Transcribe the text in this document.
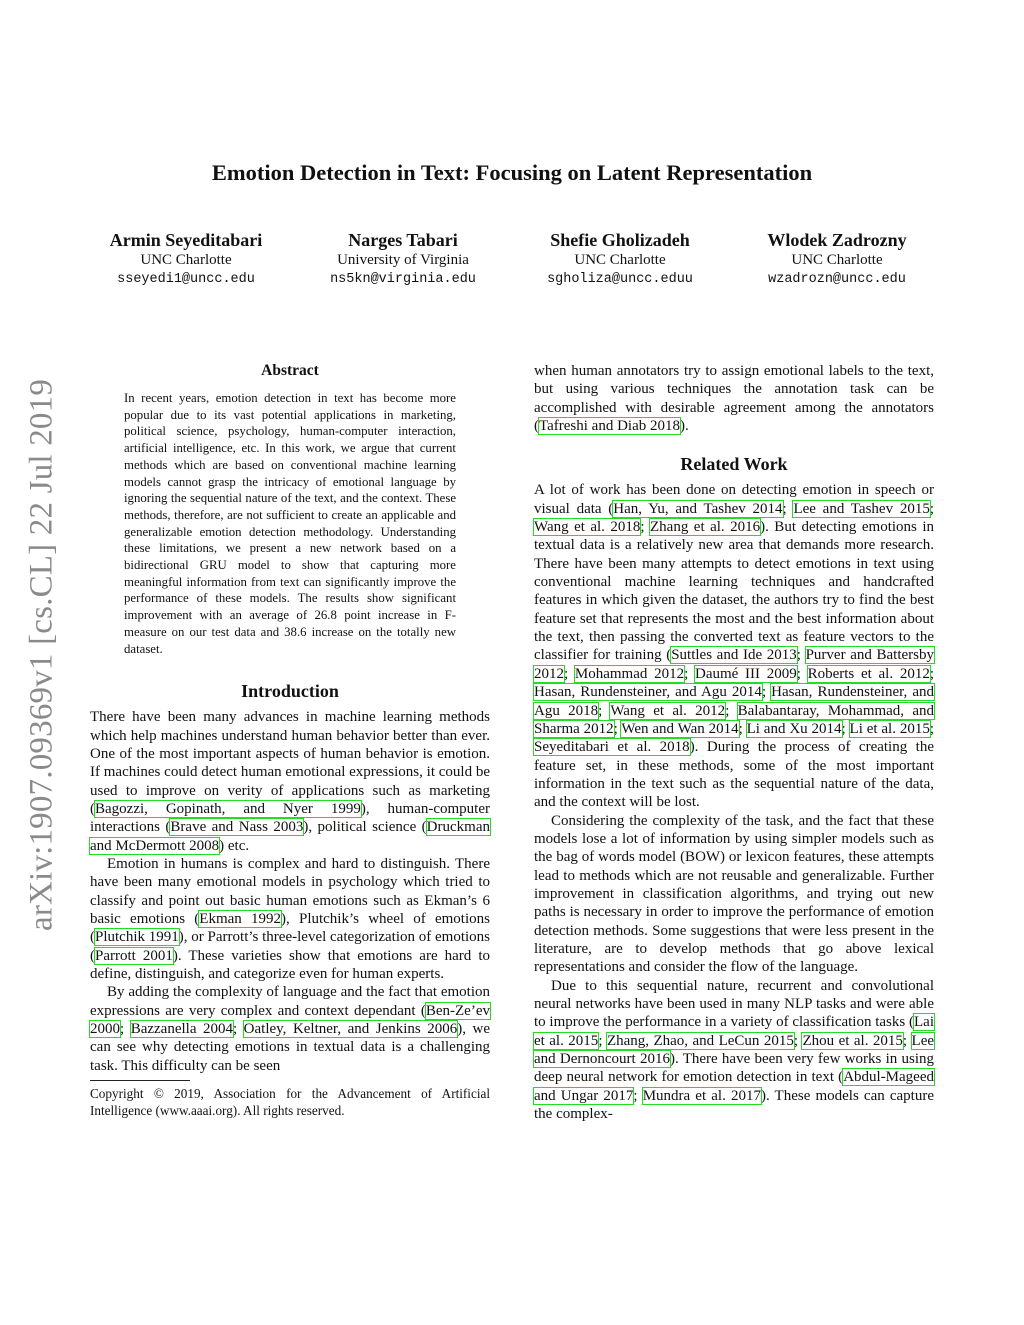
arXiv:1907.09369v1 [cs.CL] 22 Jul 2019
Emotion Detection in Text: Focusing on Latent Representation
Armin Seyeditabari
UNC Charlotte
sseyedi1@uncc.edu
Narges Tabari
University of Virginia
ns5kn@virginia.edu
Shefie Gholizadeh
UNC Charlotte
sgholiza@uncc.eduu
Wlodek Zadrozny
UNC Charlotte
wzadrozn@uncc.edu
Abstract

In recent years, emotion detection in text has become more popular due to its vast potential applications in marketing, political science, psychology, human-computer interaction, artificial intelligence, etc. In this work, we argue that current methods which are based on conventional machine learning models cannot grasp the intricacy of emotional language by ignoring the sequential nature of the text, and the context. These methods, therefore, are not sufficient to create an applicable and generalizable emotion detection methodology. Understanding these limitations, we present a new network based on a bidirectional GRU model to show that capturing more meaningful information from text can significantly improve the performance of these models. The results show significant improvement with an average of 26.8 point increase in F-measure on our test data and 38.6 increase on the totally new dataset.

Introduction

There have been many advances in machine learning methods which help machines understand human behavior better than ever. One of the most important aspects of human behavior is emotion. If machines could detect human emotional expressions, it could be used to improve on verity of applications such as marketing (Bagozzi, Gopinath, and Nyer 1999), human-computer interactions (Brave and Nass 2003), political science (Druckman and McDermott 2008) etc.

Emotion in humans is complex and hard to distinguish. There have been many emotional models in psychology which tried to classify and point out basic human emotions such as Ekman’s 6 basic emotions (Ekman 1992), Plutchik’s wheel of emotions (Plutchik 1991), or Parrott’s three-level categorization of emotions (Parrott 2001). These varieties show that emotions are hard to define, distinguish, and categorize even for human experts.

By adding the complexity of language and the fact that emotion expressions are very complex and context dependant (Ben-Ze’ev 2000; Bazzanella 2004; Oatley, Keltner, and Jenkins 2006), we can see why detecting emotions in textual data is a challenging task. This difficulty can be seen

Copyright © 2019, Association for the Advancement of Artificial Intelligence (www.aaai.org). All rights reserved.

when human annotators try to assign emotional labels to the text, but using various techniques the annotation task can be accomplished with desirable agreement among the annotators (Tafreshi and Diab 2018).

Related Work

A lot of work has been done on detecting emotion in speech or visual data (Han, Yu, and Tashev 2014; Lee and Tashev 2015; Wang et al. 2018; Zhang et al. 2016). But detecting emotions in textual data is a relatively new area that demands more research. There have been many attempts to detect emotions in text using conventional machine learning techniques and handcrafted features in which given the dataset, the authors try to find the best feature set that represents the most and the best information about the text, then passing the converted text as feature vectors to the classifier for training (Suttles and Ide 2013; Purver and Battersby 2012; Mohammad 2012; Daumé III 2009; Roberts et al. 2012; Hasan, Rundensteiner, and Agu 2014; Hasan, Rundensteiner, and Agu 2018; Wang et al. 2012; Balabantaray, Mohammad, and Sharma 2012; Wen and Wan 2014; Li and Xu 2014; Li et al. 2015; Seyeditabari et al. 2018). During the process of creating the feature set, in these methods, some of the most important information in the text such as the sequential nature of the data, and the context will be lost.

Considering the complexity of the task, and the fact that these models lose a lot of information by using simpler models such as the bag of words model (BOW) or lexicon features, these attempts lead to methods which are not reusable and generalizable. Further improvement in classification algorithms, and trying out new paths is necessary in order to improve the performance of emotion detection methods. Some suggestions that were less present in the literature, are to develop methods that go above lexical representations and consider the flow of the language.

Due to this sequential nature, recurrent and convolutional neural networks have been used in many NLP tasks and were able to improve the performance in a variety of classification tasks (Lai et al. 2015; Zhang, Zhao, and LeCun 2015; Zhou et al. 2015; Lee and Dernoncourt 2016). There have been very few works in using deep neural network for emotion detection in text (Abdul-Mageed and Ungar 2017; Mundra et al. 2017). These models can capture the complex-
